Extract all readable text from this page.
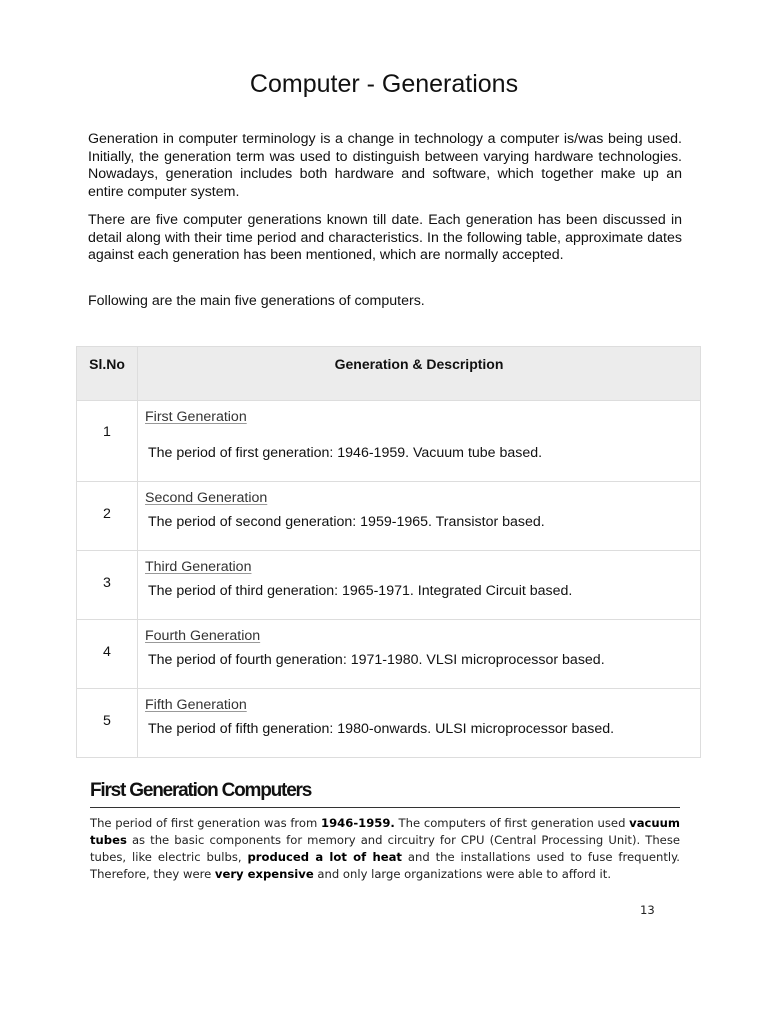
Computer - Generations

Generation in computer terminology is a change in technology a computer is/was being used. Initially, the generation term was used to distinguish between varying hardware technologies. Nowadays, generation includes both hardware and software, which together make up an entire computer system.

There are five computer generations known till date. Each generation has been discussed in detail along with their time period and characteristics. In the following table, approximate dates against each generation has been mentioned, which are normally accepted.

Following are the main five generations of computers.

Sl.No	Generation & Description
1	First Generation
The period of first generation: 1946-1959. Vacuum tube based.

2	Second Generation
The period of second generation: 1959-1965. Transistor based.

3	Third Generation
The period of third generation: 1965-1971. Integrated Circuit based.

4	Fourth Generation
The period of fourth generation: 1971-1980. VLSI microprocessor based.

5	Fifth Generation
The period of fifth generation: 1980-onwards. ULSI microprocessor based.
First Generation Computers

The period of first generation was from 1946-1959. The computers of first generation used vacuum tubes as the basic components for memory and circuitry for CPU (Central Processing Unit). These tubes, like electric bulbs, produced a lot of heat and the installations used to fuse frequently. Therefore, they were very expensive and only large organizations were able to afford it.

13
